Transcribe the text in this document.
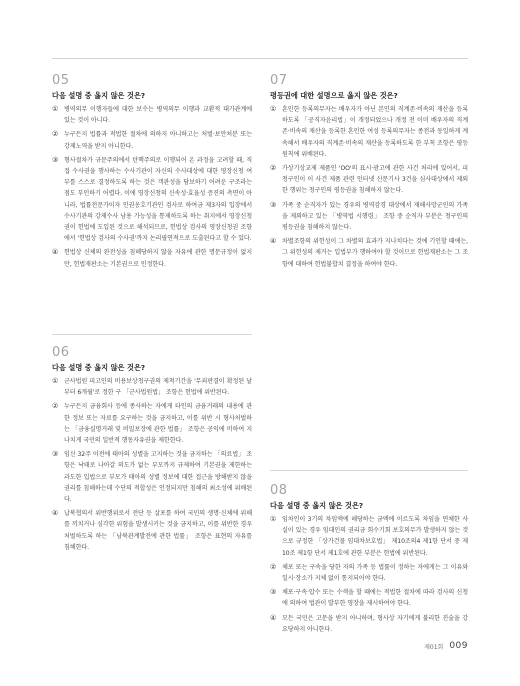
05
다음 설명 중 옳지 않은 것은?
① 병역의무 이행자들에 대한 보수는 병역의무 이행과 교환적 대가관계에 있는 것이 아니다.
② 누구든지 법률과 적법한 절차에 의하지 아니하고는 처벌·보안처분 또는 강제노역을 받지 아니한다.
③ 형사절차가 규문주의에서 탄핵주의로 이행되어 온 과정을 고려할 때, 직접 수사권을 행사하는 수사기관이 자신의 수사대상에 대한 영장신청 여부를 스스로 결정하도록 하는 것은 객관성을 담보하기 어려운 구조라는 점도 부인하기 어렵다. 이에 영장신청의 신속성·효율성 증진의 측면이 아니라, 법률전문가이자 인권옹호기관인 검사로 하여금 제3자의 입장에서 수사기관의 강제수사 남용 가능성을 통제하도록 하는 취지에서 영장신청권이 헌법에 도입된 것으로 해석되므로, 헌법상 검사의 영장신청권 조항에서 '헌법상 검사의 수사권'까지 논리필연적으로 도출된다고 할 수 있다.
④ 헌법상 신체의 완전성을 침해당하지 않을 자유에 관한 명문규정이 없지만, 헌법재판소는 기본권으로 인정한다.
06
다음 설명 중 옳지 않은 것은?
① 군사법원 피고인의 비용보상청구권의 제척기간을 '무죄판결이 확정된 날부터 6개월'로 정한 구 「군사법원법」 조항은 헌법에 위반된다.
② 누구든지 금융회사 등에 종사하는 자에게 타인의 금융거래의 내용에 관한 정보 또는 자료를 요구하는 것을 금지하고, 이를 위반 시 형사처벌하는 「금융실명거래 및 비밀보장에 관한 법률」 조항은 공익에 비하여 지나치게 국민의 일반적 행동자유권을 제한한다.
③ 임신 32주 이전에 태아의 성별을 고지하는 것을 금지하는 「의료법」 조항은 낙태로 나아갈 의도가 없는 부모까지 규제하여 기본권을 제한하는 과도한 입법으로 부모가 태아의 성별 정보에 대한 접근을 방해받지 않을 권리를 침해하는데 수단의 적합성은 인정되지만 침해의 최소성에 위배된다.
④ 납북협의서 위반행위로서 전단 등 살포를 하여 국민의 생명·신체에 위해를 끼치거나 심각한 위험을 발생시키는 것을 금지하고, 이를 위반한 경우 처벌하도록 하는 「남북관계발전에 관한 법률」 조항은 표현의 자유를 침해한다.
07
평등권에 대한 설명으로 옳지 않은 것은?
① 혼인한 등록의무자는 배우자가 아닌 본인의 직계존·비속의 재산을 등록하도록 「공직자윤리법」이 개정되었으나 개정 전 이미 배우자의 직계존·비속의 재산을 등록한 혼인한 여성 등록의무자는 종전과 동일하게 계속해서 배우자의 직계존·비속의 재산을 등록하도록 한 부칙 조항은 평등원칙에 위배된다.
② 가상기상교제 제품인 'OO'의 표시·광고에 관한 사건 처리에 있어서, 피청구인이 이 사건 제품 관련 인터넷 신문기사 3건을 심사대상에서 제외한 행위는 청구인의 평등권을 침해하지 않는다.
③ 가족 중 순직자가 있는 경우의 병역감경 대상에서 재해사망군인의 가족을 제외하고 있는 「병역법 시행령」 조항 중 순직자 부분은 청구인의 평등권을 침해하지 않는다.
④ 차별조항의 위헌성이 그 차별의 효과가 지나치다는 것에 기인할 때에는, 그 위헌성의 제거는 입법부가 행하여야 할 것이므로 헌법재판소는 그 조항에 대하여 헌법불합치 결정을 하여야 한다.
08
다음 설명 중 옳지 않은 것은?
① 임차인이 3기의 차임액에 해당하는 금액에 이르도록 차임을 연체한 사실이 있는 경우 임대인의 권리금 회수기회 보호의무가 발생하지 않는 것으로 규정한 「상가건물 임대차보호법」 제10조의4 제1항 단서 중 제10조 제1항 단서 제1호에 관한 부분은 헌법에 위반된다.
② 체포 또는 구속을 당한 자의 가족 등 법률이 정하는 자에게는 그 이유와 일시·장소가 지체 없이 통지되어야 한다.
③ 체포·구속·압수 또는 수색을 할 때에는 적법한 절차에 따라 검사의 신청에 의하여 법관이 발부한 영장을 제시하여야 한다.
④ 모든 국민은 고문을 받지 아니하며, 형사상 자기에게 불리한 진술을 강요당하지 아니한다.
제01회 009
